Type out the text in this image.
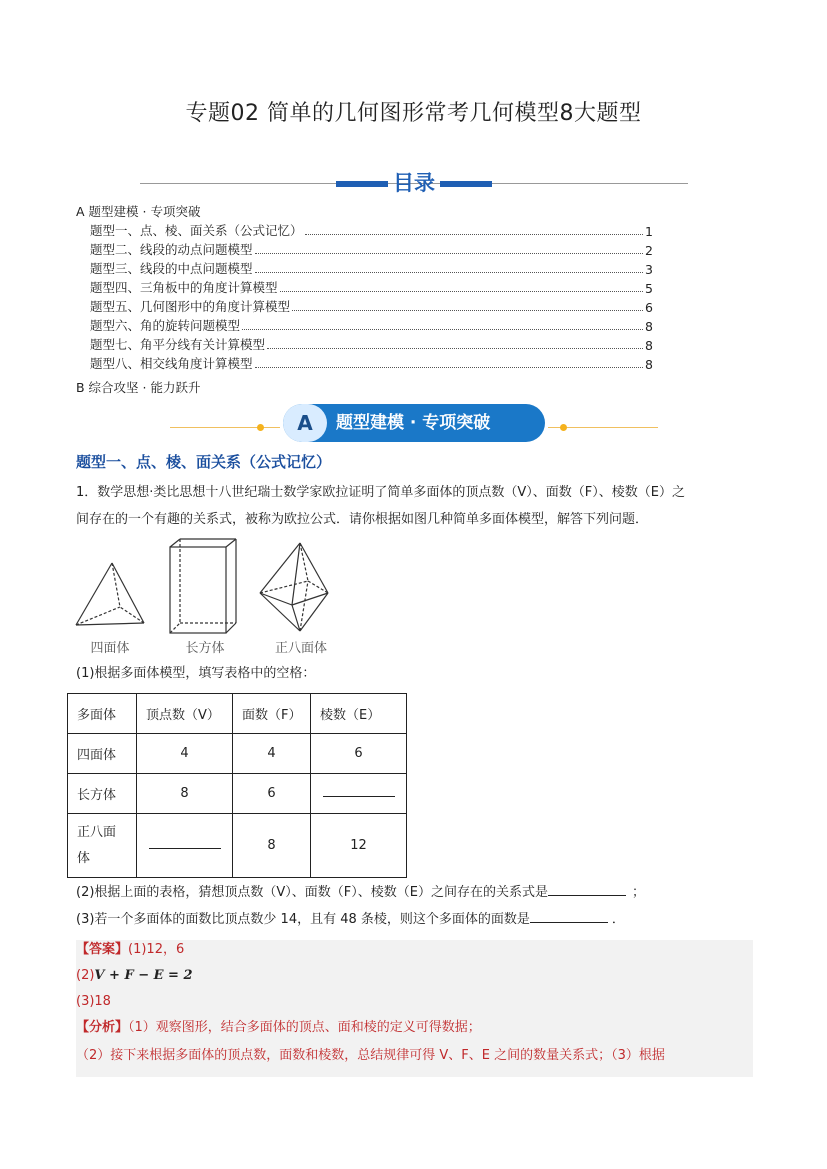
专题02 简单的几何图形常考几何模型8大题型
目录
A 题型建模 · 专项突破
题型一、点、棱、面关系（公式记忆）	1
题型二、线段的动点问题模型	2
题型三、线段的中点问题模型	3
题型四、三角板中的角度计算模型	5
题型五、几何图形中的角度计算模型	6
题型六、角的旋转问题模型	8
题型七、角平分线有关计算模型	8
题型八、相交线角度计算模型	8
B 综合攻坚 · 能力跃升
A	题型建模 · 专项突破
题型一、点、棱、面关系（公式记忆）
1．数学思想·类比思想十八世纪瑞士数学家欧拉证明了简单多面体的顶点数（V）、面数（F）、棱数（E）之
间存在的一个有趣的关系式，被称为欧拉公式．请你根据如图几种简单多面体模型，解答下列问题．
四面体	长方体	正八面体
(1)根据多面体模型，填写表格中的空格：
多面体	顶点数（V）	面数（F）	棱数（E）
四面体	4	4	6
长方体	8	6	
正八面
体		8	12
(2)根据上面的表格，猜想顶点数（V）、面数（F）、棱数（E）之间存在的关系式是	；
(3)若一个多面体的面数比顶点数少 14，且有 48 条棱，则这个多面体的面数是	．
【答案】(1)12，6
(2)V + F − E = 2
(3)18
【分析】（1）观察图形，结合多面体的顶点、面和棱的定义可得数据；
（2）接下来根据多面体的顶点数，面数和棱数，总结规律可得 V、F、E 之间的数量关系式；（3）根据
